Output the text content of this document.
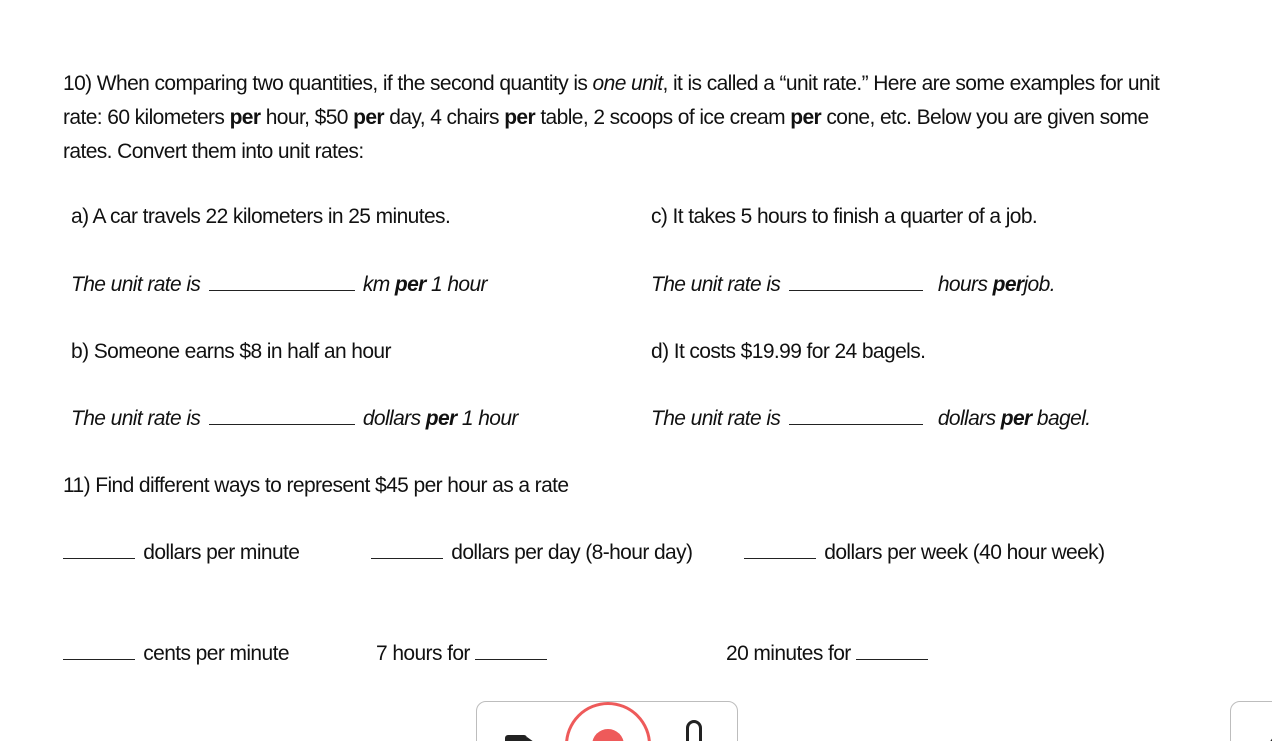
10) When comparing two quantities, if the second quantity is one unit, it is called a “unit rate.” Here are some examples for unit rate: 60 kilometers per hour, $50 per day, 4 chairs per table, 2 scoops of ice cream per cone, etc. Below you are given some rates. Convert them into unit rates:
a) A car travels 22 kilometers in 25 minutes.
The unit rate is	km per 1 hour
b) Someone earns $8 in half an hour
The unit rate is	dollars per 1 hour
c) It takes 5 hours to finish a quarter of a job.
The unit rate is	hours perjob.
d) It costs $19.99 for 24 bagels.
The unit rate is	dollars per bagel.
11) Find different ways to represent $45 per hour as a rate
dollars per minute	dollars per day (8-hour day)	dollars per week (40 hour week)
cents per minute	7 hours for	20 minutes for
